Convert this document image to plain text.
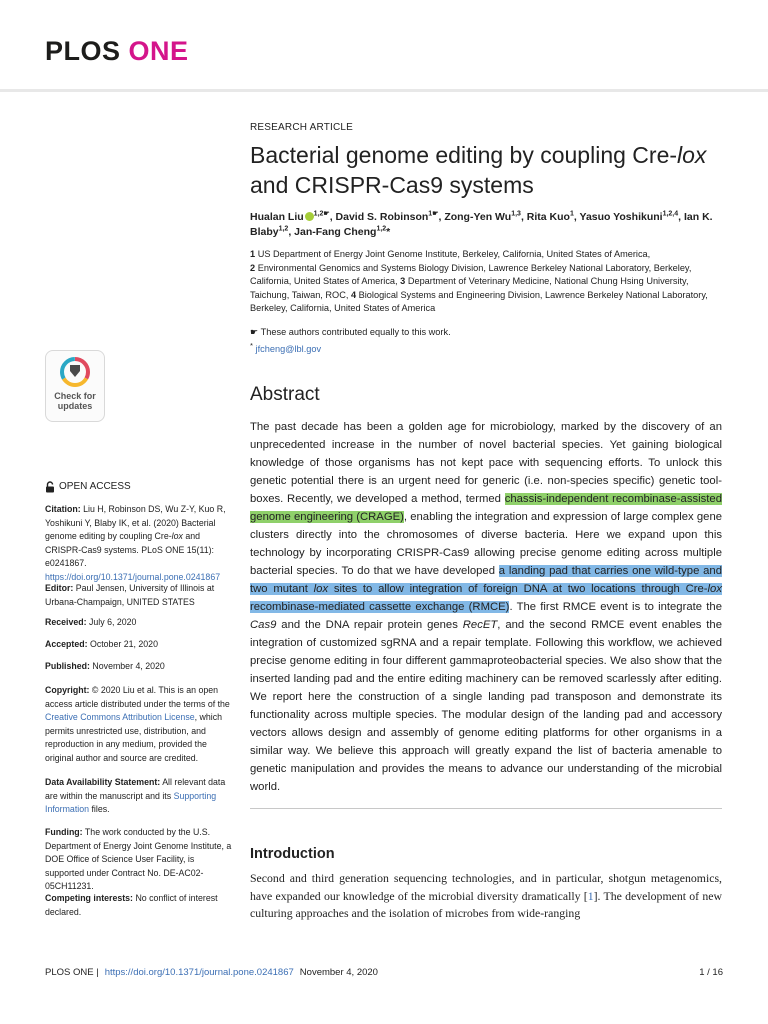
PLOS ONE
Check for updates
OPEN ACCESS
Citation: Liu H, Robinson DS, Wu Z-Y, Kuo R, Yoshikuni Y, Blaby IK, et al. (2020) Bacterial genome editing by coupling Cre-lox and CRISPR-Cas9 systems. PLoS ONE 15(11): e0241867. https://doi.org/10.1371/journal.pone.0241867
Editor: Paul Jensen, University of Illinois at Urbana-Champaign, UNITED STATES
Received: July 6, 2020
Accepted: October 21, 2020
Published: November 4, 2020
Copyright: © 2020 Liu et al. This is an open access article distributed under the terms of the Creative Commons Attribution License, which permits unrestricted use, distribution, and reproduction in any medium, provided the original author and source are credited.
Data Availability Statement: All relevant data are within the manuscript and its Supporting Information files.
Funding: The work conducted by the U.S. Department of Energy Joint Genome Institute, a DOE Office of Science User Facility, is supported under Contract No. DE-AC02-05CH11231.
Competing interests: No conflict of interest declared.
RESEARCH ARTICLE
Bacterial genome editing by coupling Cre-lox
and CRISPR-Cas9 systems
Hualan Liu $^{1,2☛}$, David S. Robinson$^{1☛}$, Zong-Yen Wu$^{1,3}$, Rita Kuo$^1$, Yasuo Yoshikuni$^{1,2,4}$, Ian K. Blaby$^{1,2}$, Jan-Fang Cheng$^{1,2}$*
1 US Department of Energy Joint Genome Institute, Berkeley, California, United States of America,
2 Environmental Genomics and Systems Biology Division, Lawrence Berkeley National Laboratory, Berkeley, California, United States of America, 3 Department of Veterinary Medicine, National Chung Hsing University, Taichung, Taiwan, ROC, 4 Biological Systems and Engineering Division, Lawrence Berkeley National Laboratory, Berkeley, California, United States of America
☛ These authors contributed equally to this work.
* jfcheng@lbl.gov
Abstract
The past decade has been a golden age for microbiology, marked by the discovery of an unprecedented increase in the number of novel bacterial species. Yet gaining biological knowledge of those organisms has not kept pace with sequencing efforts. To unlock this genetic potential there is an urgent need for generic (i.e. non-species specific) genetic tool-boxes. Recently, we developed a method, termed chassis-independent recombinase-assisted genome engineering (CRAGE), enabling the integration and expression of large complex gene clusters directly into the chromosomes of diverse bacteria. Here we expand upon this technology by incorporating CRISPR-Cas9 allowing precise genome editing across multiple bacterial species. To do that we have developed a landing pad that carries one wild-type and two mutant lox sites to allow integration of foreign DNA at two locations through Cre-lox recombinase-mediated cassette exchange (RMCE). The first RMCE event is to integrate the Cas9 and the DNA repair protein genes RecET, and the second RMCE event enables the integration of customized sgRNA and a repair template. Following this workflow, we achieved precise genome editing in four different gammaproteobacterial species. We also show that the inserted landing pad and the entire editing machinery can be removed scarlessly after editing. We report here the construction of a single landing pad transposon and demonstrate its functionality across multiple species. The modular design of the landing pad and accessory vectors allows design and assembly of genome editing platforms for other organisms in a similar way. We believe this approach will greatly expand the list of bacteria amenable to genetic manipulation and provides the means to advance our understanding of the microbial world.
Introduction
Second and third generation sequencing technologies, and in particular, shotgun metagenomics, have expanded our knowledge of the microbial diversity dramatically [1]. The development of new culturing approaches and the isolation of microbes from wide-ranging
PLOS ONE | https://doi.org/10.1371/journal.pone.0241867 November 4, 2020	1 / 16
